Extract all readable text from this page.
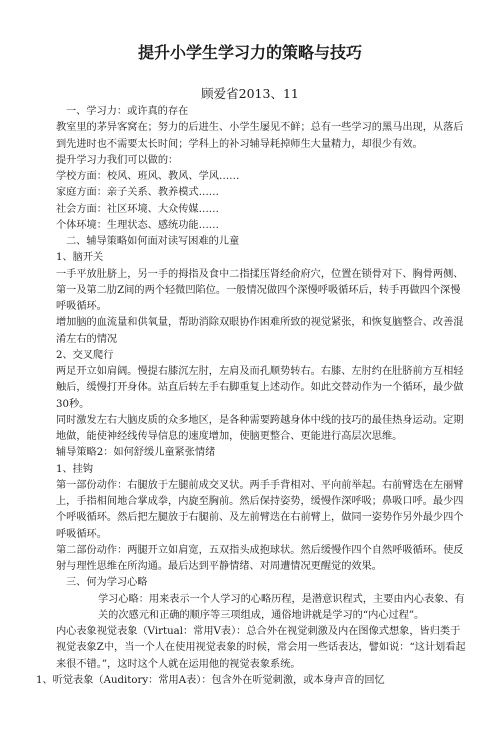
提升小学生学习力的策略与技巧
顾爱省2013、11

一、学习力：或许真的存在

教室里的茅异客窝在；努力的后进生、小学生屡见不鲜；总有一些学习的黑马出现，从落后到先进时也不需要太长时间；学科上的补习辅导耗掉师生大量精力，却很少有效。

提升学习力我们可以做的：

学校方面：校风、班风、教风、学风……

家庭方面：亲子关系、教养模式……

社会方面：社区环境、大众传媒……

个体环境：生理状态、感统功能……

二、辅导策略如何面对读写困难的儿童

1、脑开关

一手平放肚脐上，另一手的拇指及食中二指揉压肾经俞府穴，位置在锁骨对下、胸骨两侧、第一及第二肋Z间的两个轻微凹陷位。一般情况做四个深慢呼吸循环后，转手再做四个深慢呼吸循环。

增加脑的血流量和供氧量，帮助消除双眼协作困难所致的视觉紧张，和恢复脑整合、改善混淆左右的情况

2、交叉爬行

两足开立如肩阔。慢提右膝沉左肘，左肩及而孔顺势转右。右膝、左肘约在肚脐前方互相轻触后，缓慢打开身体。站直后转左手右脚重复上述动作。如此交替动作为一个循环，最少做30秒。

同时激发左右大脑皮质的众多地区，是各种需要跨越身体中线的技巧的最佳热身运动。定期地做，能使神经线传导信息的速度增加，使脑更整合、更能进行高层次思维。

辅导策略2：如何舒缓儿童紧张情绪

1、挂钩

第一部份动作：右腿放于左腿前成交叉状。两手手背相对、平向前举起。右前臂迭在左丽臂上，手指相间地合掌成拳，内旋至胸前。然后保持姿势，缓慢作深呼吸；鼻吸口呼。最少四个呼吸循环。然后把左腿放于右腿前、及左前臂迭在右前臂上，做同一姿势作另外最少四个呼吸循环。

第二部份动作：两腿开立如肩宽，五双指头成抱球状。然后缓慢作四个自然呼吸循环。使反射与理性思维在所沟通。最后达到平静情绪、对周遭情况更醒觉的效果。

三、何为学习心略

学习心略：用来表示一个人学习的心略历程，是潜意识程式，主要由内心表象、有关的次感元和正确的顺序等三项组成，通俗地讲就是学习的“内心过程”。

内心表象视觉表象（Virtual：常用V表）：总合外在视觉刺激及内在图像式想象，皆归类于视觉表象Z中，当一个人在使用视觉表象的时候，常会用一些话表达，譬如说：“这计划看起来很不错。”，这时这个人就在运用他的视觉表象系统。

1、听觉表象（Auditory：常用A表）：包含外在听觉刺激，或本身声音的回忆
